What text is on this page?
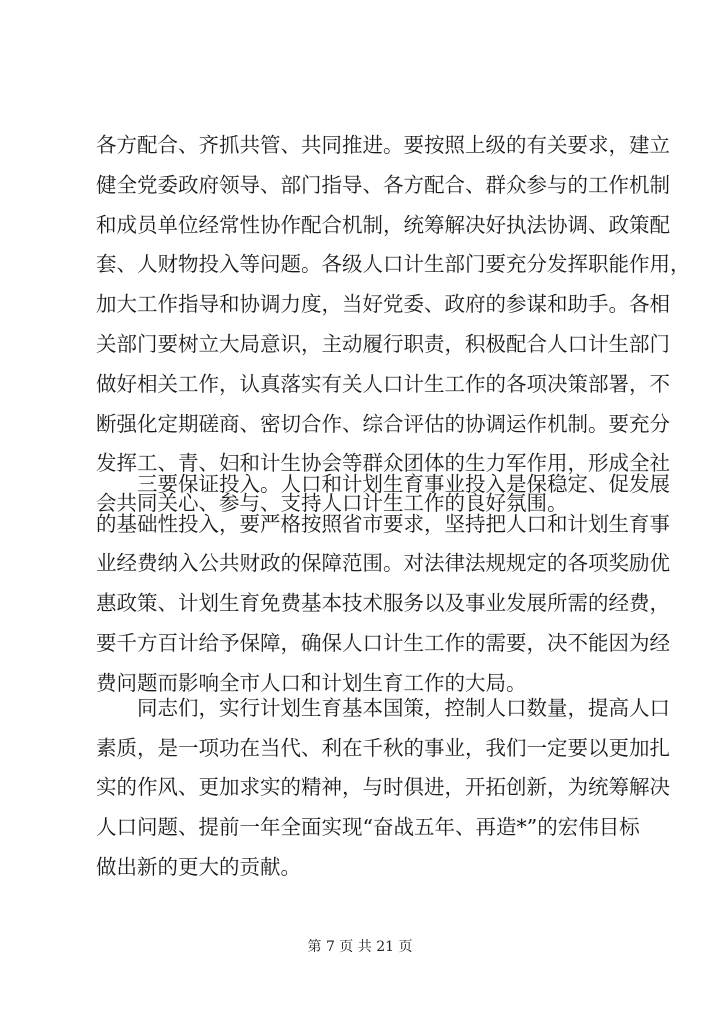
各方配合、齐抓共管、共同推进。要按照上级的有关要求，建立
健全党委政府领导、部门指导、各方配合、群众参与的工作机制
和成员单位经常性协作配合机制，统筹解决好执法协调、政策配
套、人财物投入等问题。各级人口计生部门要充分发挥职能作用，
加大工作指导和协调力度，当好党委、政府的参谋和助手。各相
关部门要树立大局意识，主动履行职责，积极配合人口计生部门
做好相关工作，认真落实有关人口计生工作的各项决策部署，不
断强化定期磋商、密切合作、综合评估的协调运作机制。要充分
发挥工、青、妇和计生协会等群众团体的生力军作用，形成全社
会共同关心、参与、支持人口计生工作的良好氛围。
三要保证投入。人口和计划生育事业投入是保稳定、促发展
的基础性投入，要严格按照省市要求，坚持把人口和计划生育事
业经费纳入公共财政的保障范围。对法律法规规定的各项奖励优
惠政策、计划生育免费基本技术服务以及事业发展所需的经费，
要千方百计给予保障，确保人口计生工作的需要，决不能因为经
费问题而影响全市人口和计划生育工作的大局。
同志们，实行计划生育基本国策，控制人口数量，提高人口
素质，是一项功在当代、利在千秋的事业，我们一定要以更加扎
实的作风、更加求实的精神，与时俱进，开拓创新，为统筹解决
第 7 页 共 21 页
人口问题、提前一年全面实现“奋战五年、再造*”的宏伟目标
做出新的更大的贡献。
